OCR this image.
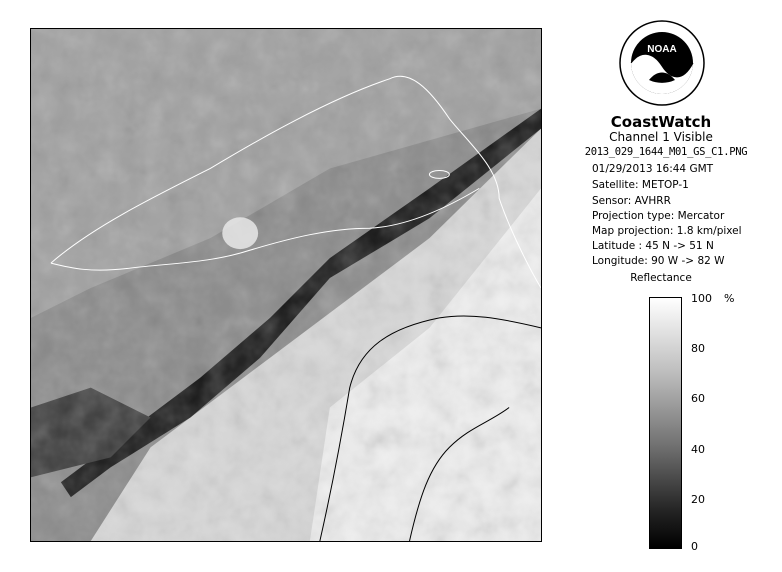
NOAA
CoastWatch
Channel 1 Visible
2013_029_1644_M01_GS_C1.PNG
01/29/2013 16:44 GMT
Satellite: METOP-1
Sensor: AVHRR
Projection type: Mercator
Map projection: 1.8 km/pixel
Latitude : 45 N -> 51 N
Longitude: 90 W -> 82 W
Reflectance
%
100
80
60
40
20
0
